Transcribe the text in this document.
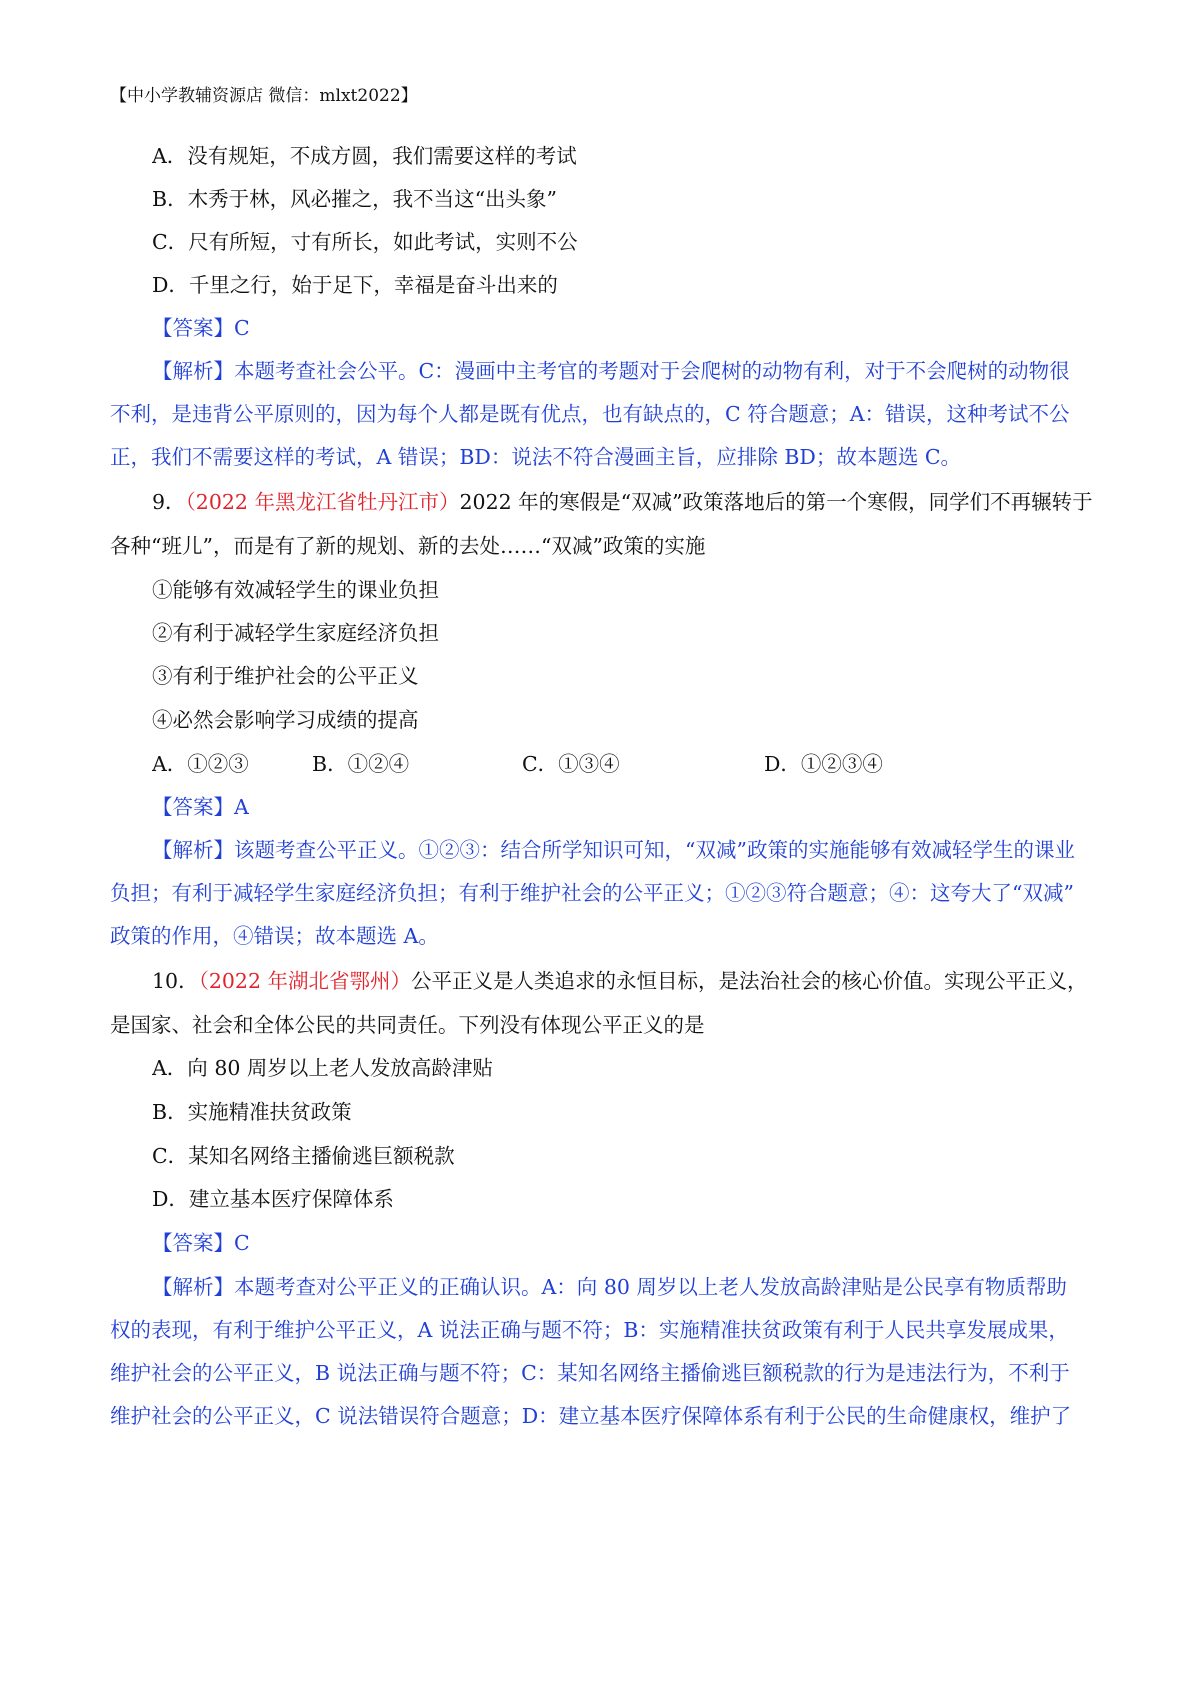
【中小学教辅资源店 微信：mlxt2022】
A．没有规矩，不成方圆，我们需要这样的考试
B．木秀于林，风必摧之，我不当这“出头象”
C．尺有所短，寸有所长，如此考试，实则不公
D．千里之行，始于足下，幸福是奋斗出来的
【答案】C
【解析】本题考查社会公平。C：漫画中主考官的考题对于会爬树的动物有利，对于不会爬树的动物很
不利，是违背公平原则的，因为每个人都是既有优点，也有缺点的，C 符合题意；A：错误，这种考试不公
正，我们不需要这样的考试，A 错误；BD：说法不符合漫画主旨，应排除 BD；故本题选 C。
9．（2022 年黑龙江省牡丹江市）2022 年的寒假是“双减”政策落地后的第一个寒假，同学们不再辗转于
各种“班儿”，而是有了新的规划、新的去处……“双减”政策的实施
①能够有效减轻学生的课业负担
②有利于减轻学生家庭经济负担
③有利于维护社会的公平正义
④必然会影响学习成绩的提高
A．①②③	B．①②④	C．①③④	D．①②③④
【答案】A
【解析】该题考查公平正义。①②③：结合所学知识可知，“双减”政策的实施能够有效减轻学生的课业
负担；有利于减轻学生家庭经济负担；有利于维护社会的公平正义；①②③符合题意；④：这夸大了“双减”
政策的作用，④错误；故本题选 A。
10．（2022 年湖北省鄂州）公平正义是人类追求的永恒目标，是法治社会的核心价值。实现公平正义，
是国家、社会和全体公民的共同责任。下列没有体现公平正义的是
A．向 80 周岁以上老人发放高龄津贴
B．实施精准扶贫政策
C．某知名网络主播偷逃巨额税款
D．建立基本医疗保障体系
【答案】C
【解析】本题考查对公平正义的正确认识。A：向 80 周岁以上老人发放高龄津贴是公民享有物质帮助
权的表现，有利于维护公平正义，A 说法正确与题不符；B：实施精准扶贫政策有利于人民共享发展成果，
维护社会的公平正义，B 说法正确与题不符；C：某知名网络主播偷逃巨额税款的行为是违法行为，不利于
维护社会的公平正义，C 说法错误符合题意；D：建立基本医疗保障体系有利于公民的生命健康权，维护了
